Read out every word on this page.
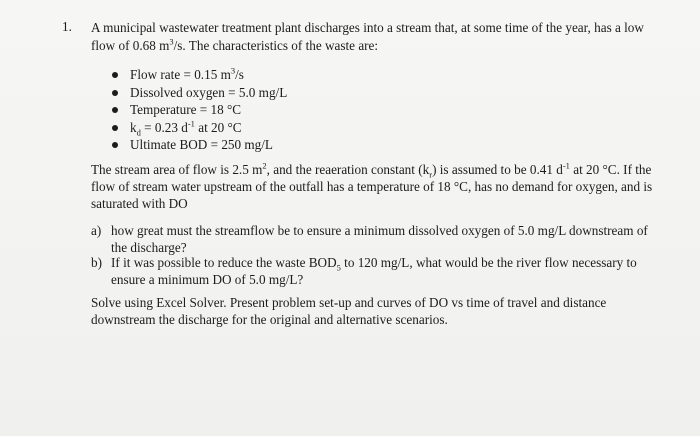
1. A municipal wastewater treatment plant discharges into a stream that, at some time of the year, has a low flow of 0.68 $m^3/s$. The characteristics of the waste are:
Flow rate = 0.15 $m^3/s$
Dissolved oxygen = 5.0 mg/L
Temperature = 18 °C
$k_d = 0.23$ $d^{-1}$ at 20 °C
Ultimate BOD = 250 mg/L
The stream area of flow is 2.5 $m^2$, and the reaeration constant $(k_r)$ is assumed to be 0.41 $d^{-1}$ at 20 °C. If the flow of stream water upstream of the outfall has a temperature of 18 °C, has no demand for oxygen, and is saturated with DO
a) how great must the streamflow be to ensure a minimum dissolved oxygen of 5.0 mg/L downstream of the discharge?
b) If it was possible to reduce the waste $BOD_5$ to 120 mg/L, what would be the river flow necessary to ensure a minimum DO of 5.0 mg/L?
Solve using Excel Solver. Present problem set-up and curves of DO vs time of travel and distance downstream the discharge for the original and alternative scenarios.
